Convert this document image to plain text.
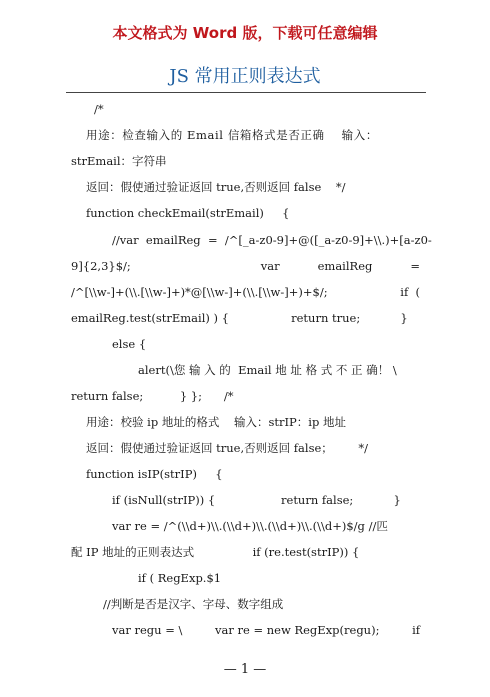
本文格式为 Word 版，下载可任意编辑
JS 常用正则表达式
/*
用途：检查输入的 Email 信箱格式是否正确    输入：
strEmail：字符串
返回：假使通过验证返回 true,否则返回 false    */
function checkEmail(strEmail)     {
//var  emailReg  =  /^[_a-z0-9]+@([_a-z0-9]+\\.)+[a-z0-
9]{2,3}$/;	var	emailReg	=
/^[\\w-]+(\\.[\\w-]+)*@[\\w-]+(\\.[\\w-]+)+$/;	if  (
emailReg.test(strEmail) ) {                 return true;           }
else {
alert(\您 输 入 的  Email 地 址 格 式 不 正 确！ \
return false;          } };      /*
用途：校验 ip 地址的格式    输入：strIP：ip 地址
返回：假使通过验证返回 true,否则返回 false；       */
function isIP(strIP)     {
if (isNull(strIP)) {                  return false;           }
var re = /^(\\d+)\\.(\\d+)\\.(\\d+)\\.(\\d+)$/g //匹
配 IP 地址的正则表达式                if (re.test(strIP)) {
if ( RegExp.$1
//判断是否是汉字、字母、数字组成
var regu = \	var re = new RegExp(regu);	if
— 1 —
